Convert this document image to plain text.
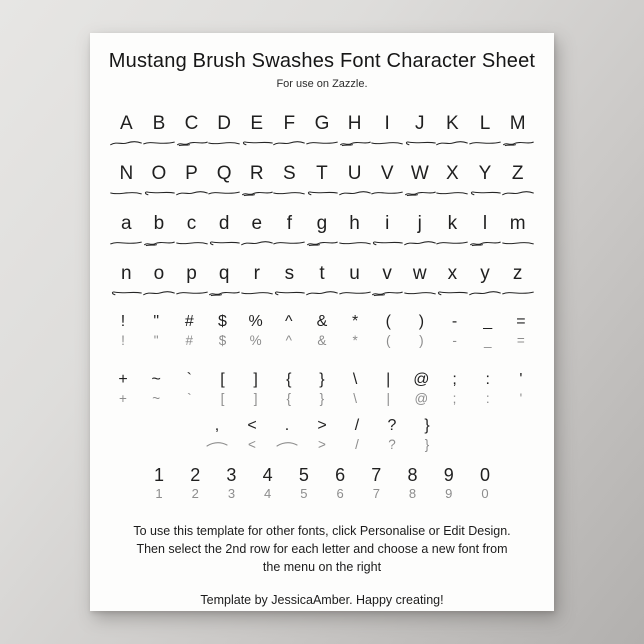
Mustang Brush Swashes Font Character Sheet
For use on Zazzle.
A B C D E F G H I J K L M
N O P Q R S T U V W X Y Z
a b c d e f g h i j k l m
n o p q r s t u v w x y z
!
!
"
"
#
#
$
$
%
%
^
^
&
&
*
*
(
(
)
)
-
-
_
_
=
=
+
+
~
~
`
`
[
[
]
]
{
{
}
}
\
\
|
|
@
@
;
;
:
:
'
'
, <
<
. >
>
/
/
?
?
}
}
1
1
2
2
3
3
4
4
5
5
6
6
7
7
8
8
9
9
0
0
To use this template for other fonts, click Personalise or Edit Design.
Then select the 2nd row for each letter and choose a new font from
the menu on the right
Template by JessicaAmber. Happy creating!
